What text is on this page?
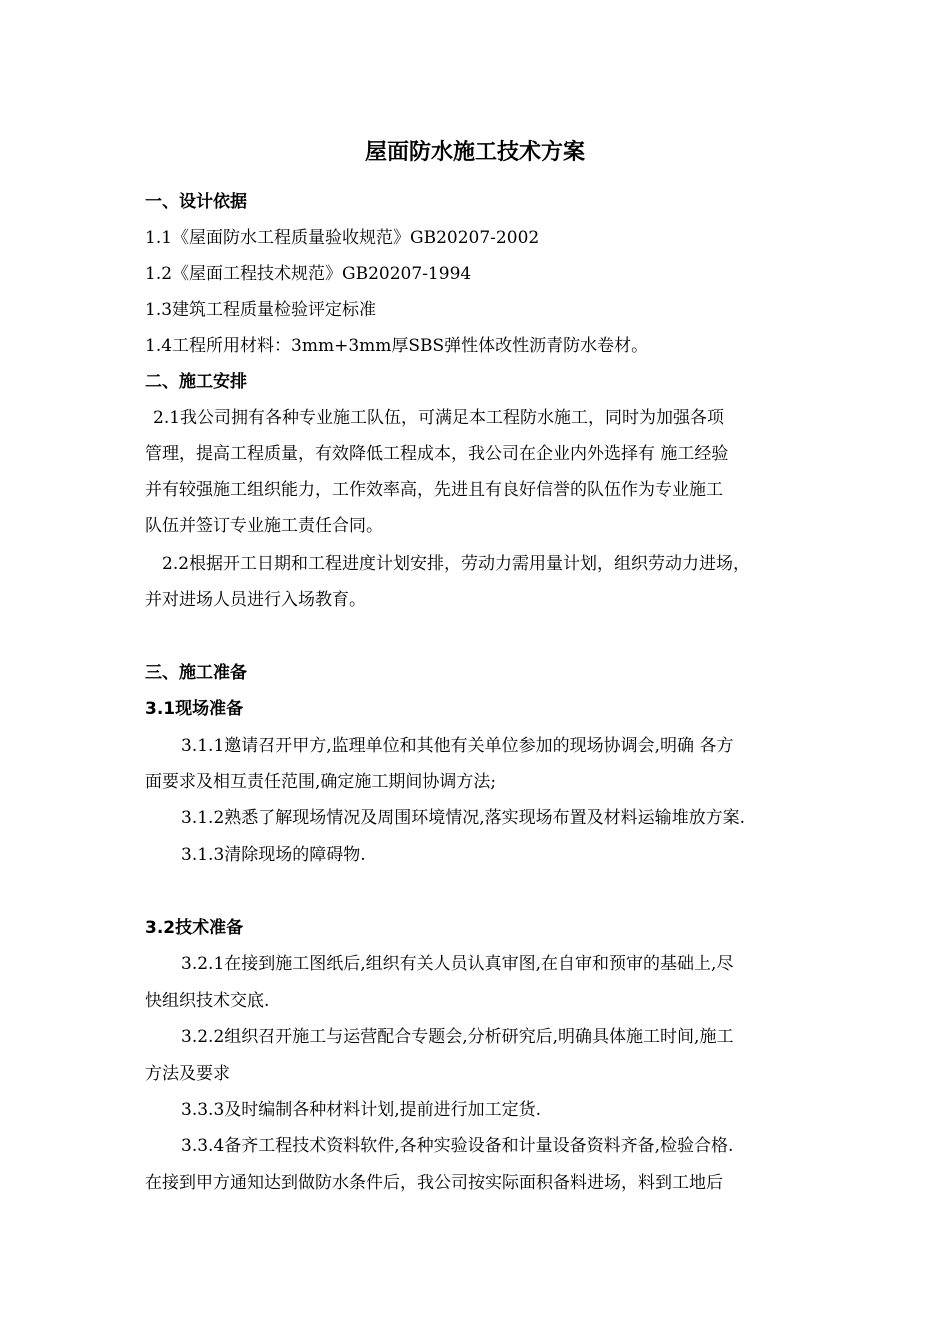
屋面防水施工技术方案
一、设计依据
1.1《屋面防水工程质量验收规范》GB20207-2002
1.2《屋面工程技术规范》GB20207-1994
1.3建筑工程质量检验评定标准
1.4工程所用材料：3mm+3mm厚SBS弹性体改性沥青防水卷材。
二、施工安排
2.1我公司拥有各种专业施工队伍，可满足本工程防水施工，同时为加强各项
管理，提高工程质量，有效降低工程成本，我公司在企业内外选择有 施工经验
并有较强施工组织能力，工作效率高，先进且有良好信誉的队伍作为专业施工
队伍并签订专业施工责任合同。
2.2根据开工日期和工程进度计划安排，劳动力需用量计划，组织劳动力进场，
并对进场人员进行入场教育。
三、施工准备
3.1现场准备
3.1.1邀请召开甲方,监理单位和其他有关单位参加的现场协调会,明确 各方
面要求及相互责任范围,确定施工期间协调方法;
3.1.2熟悉了解现场情况及周围环境情况,落实现场布置及材料运输堆放方案.
3.1.3清除现场的障碍物.
3.2技术准备
3.2.1在接到施工图纸后,组织有关人员认真审图,在自审和预审的基础上,尽
快组织技术交底.
3.2.2组织召开施工与运营配合专题会,分析研究后,明确具体施工时间,施工
方法及要求
3.3.3及时编制各种材料计划,提前进行加工定货.
3.3.4备齐工程技术资料软件,各种实验设备和计量设备资料齐备,检验合格.
在接到甲方通知达到做防水条件后，我公司按实际面积备料进场，料到工地后
